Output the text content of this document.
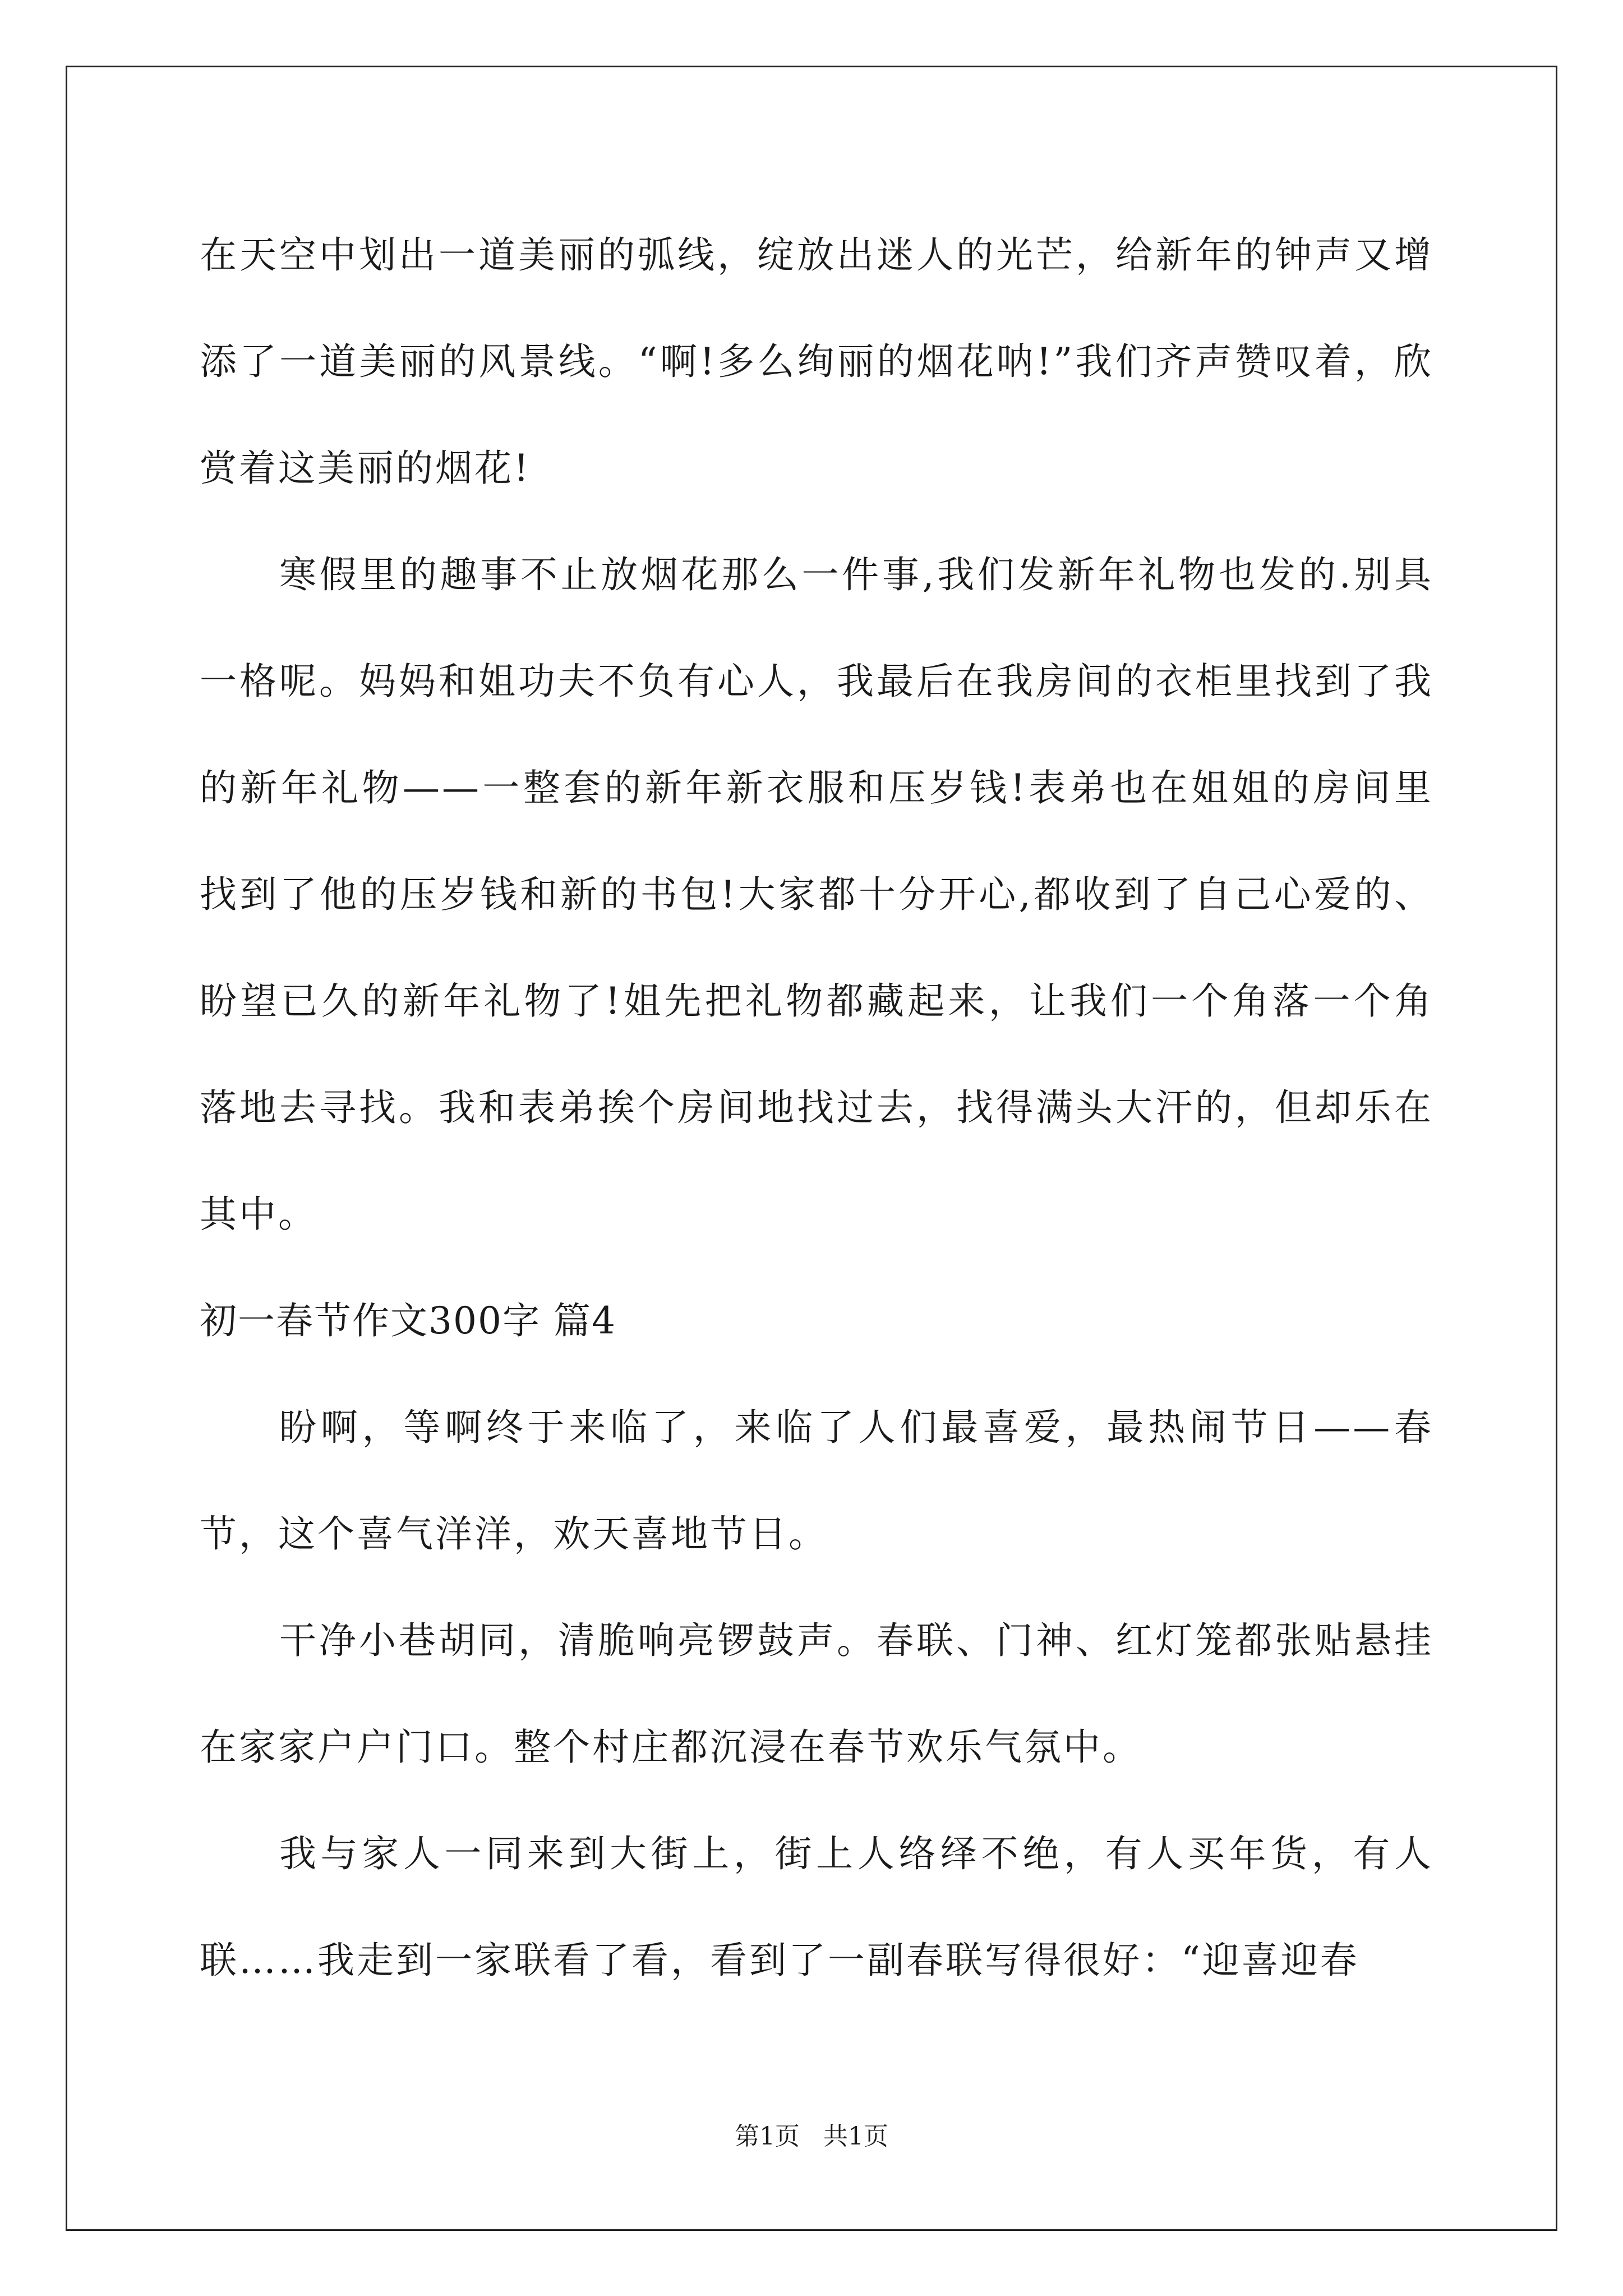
在天空中划出一道美丽的弧线，绽放出迷人的光芒，给新年的钟声又增添了一道美丽的风景线。“啊!多么绚丽的烟花呐!”我们齐声赞叹着，欣赏着这美丽的烟花!

寒假里的趣事不止放烟花那么一件事,我们发新年礼物也发的.别具一格呢。妈妈和姐功夫不负有心人，我最后在我房间的衣柜里找到了我的新年礼物——一整套的新年新衣服和压岁钱!表弟也在姐姐的房间里找到了他的压岁钱和新的书包!大家都十分开心,都收到了自己心爱的、盼望已久的新年礼物了!姐先把礼物都藏起来，让我们一个角落一个角落地去寻找。我和表弟挨个房间地找过去，找得满头大汗的，但却乐在其中。

初一春节作文300字 篇4

盼啊，等啊终于来临了，来临了人们最喜爱，最热闹节日——春节，这个喜气洋洋，欢天喜地节日。

干净小巷胡同，清脆响亮锣鼓声。春联、门神、红灯笼都张贴悬挂在家家户户门口。整个村庄都沉浸在春节欢乐气氛中。

我与家人一同来到大街上，街上人络绎不绝，有人买年货，有人联……我走到一家联看了看，看到了一副春联写得很好：“迎喜迎春

第1页   共1页
